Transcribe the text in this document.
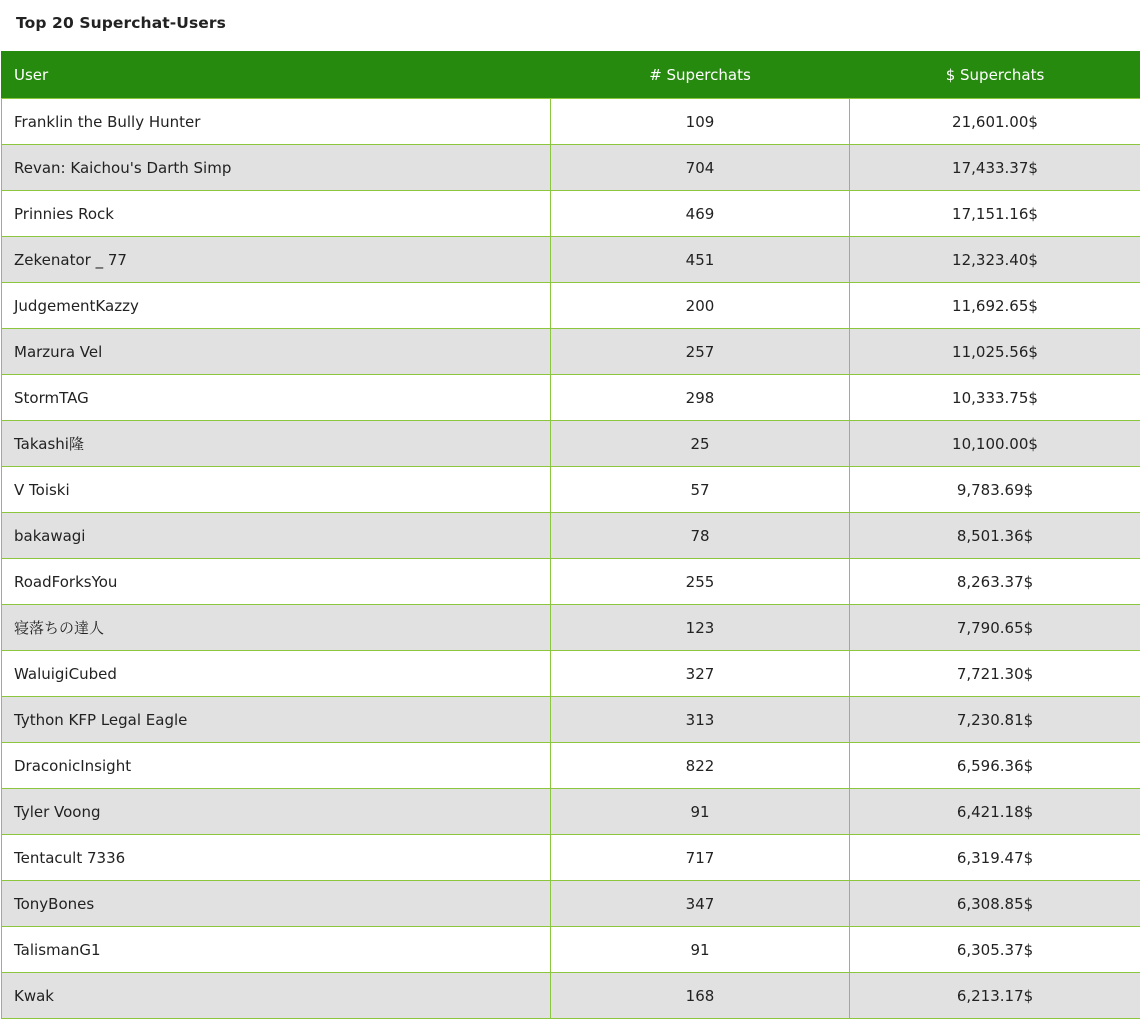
Top 20 Superchat-Users
User	# Superchats	$ Superchats
Franklin the Bully Hunter	109	21,601.00$
Revan: Kaichou's Darth Simp	704	17,433.37$
Prinnies Rock	469	17,151.16$
Zekenator _ 77	451	12,323.40$
JudgementKazzy	200	11,692.65$
Marzura Vel	257	11,025.56$
StormTAG	298	10,333.75$
Takashi隆	25	10,100.00$
V Toiski	57	9,783.69$
bakawagi	78	8,501.36$
RoadForksYou	255	8,263.37$
寝落ちの達人	123	7,790.65$
WaluigiCubed	327	7,721.30$
Tython KFP Legal Eagle	313	7,230.81$
DraconicInsight	822	6,596.36$
Tyler Voong	91	6,421.18$
Tentacult 7336	717	6,319.47$
TonyBones	347	6,308.85$
TalismanG1	91	6,305.37$
Kwak	168	6,213.17$
